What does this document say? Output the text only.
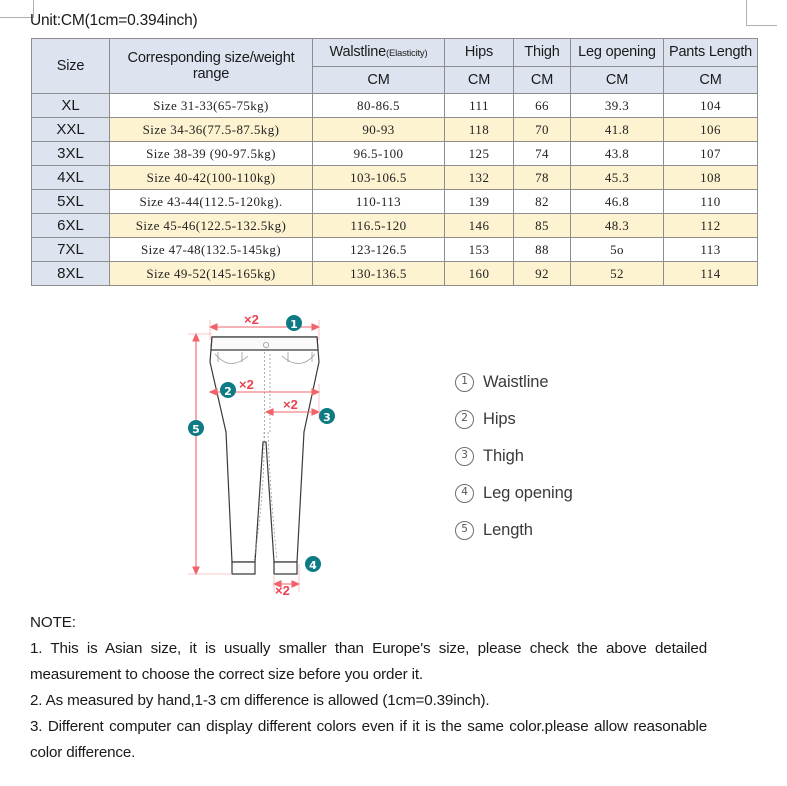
Unit:CM(1cm=0.394inch)
Size	Corresponding size/weight range	Walstline(Elasticity)	Hips	Thigh	Leg opening	Pants Length
		CM	CM	CM	CM	CM
XL	Size 31-33(65-75kg)	80-86.5	111	66	39.3	104
XXL	Size 34-36(77.5-87.5kg)	90-93	118	70	41.8	106
3XL	Size 38-39 (90-97.5kg)	96.5-100	125	74	43.8	107
4XL	Size 40-42(100-110kg)	103-106.5	132	78	45.3	108
5XL	Size 43-44(112.5-120kg).	110-113	139	82	46.8	110
6XL	Size 45-46(122.5-132.5kg)	116.5-120	146	85	48.3	112
7XL	Size 47-48(132.5-145kg)	123-126.5	153	88	5o	113
8XL	Size 49-52(145-165kg)	130-136.5	160	92	52	114
×2
×2
×2
×2
1
2
3
4
5
1 Waistline
2 Hips
3 Thigh
4 Leg opening
5 Length
NOTE:
1. This is Asian size, it is usually smaller than Europe's size, please check the above detailed measurement to choose the correct size before you order it.
2. As measured by hand,1-3 cm difference is allowed (1cm=0.39inch).
3. Different computer can display different colors even if it is the same color.please allow reasonable color difference.
